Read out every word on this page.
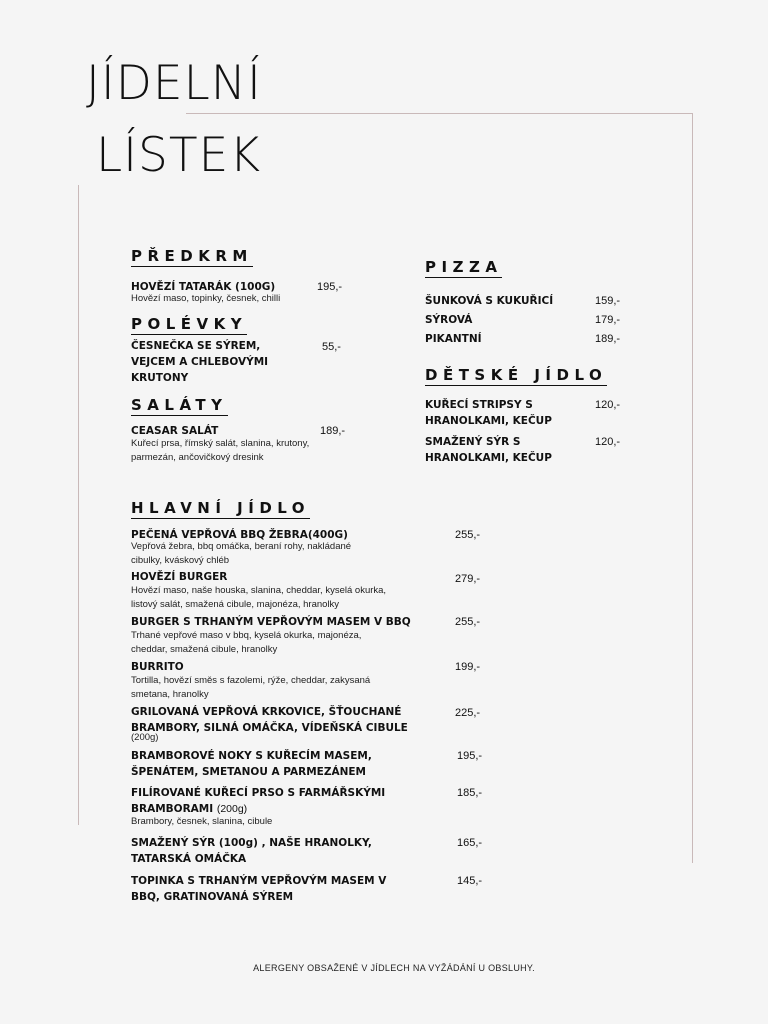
JÍDELNÍ
LÍSTEK
PŘEDKRM
HOVĚZÍ TATARÁK (100G)	195,-
Hovězí maso, topinky, česnek, chilli
POLÉVKY
ČESNEČKA SE SÝREM,
VEJCEM A CHLEBOVÝMI
KRUTONY
55,-
SALÁTY
CEASAR SALÁT	189,-
Kuřecí prsa, římský salát, slanina, krutony,
parmezán, ančovičkový dresink
PIZZA
ŠUNKOVÁ S KUKUŘICÍ	159,-
SÝROVÁ	179,-
PIKANTNÍ	189,-
DĚTSKÉ JÍDLO
KUŘECÍ STRIPSY S
HRANOLKAMI, KEČUP
120,-
SMAŽENÝ SÝR S
HRANOLKAMI, KEČUP
120,-
HLAVNÍ JÍDLO
PEČENÁ VEPŘOVÁ BBQ ŽEBRA(400G)	255,-
Vepřová žebra, bbq omáčka, beraní rohy, nakládané
cibulky, kváskový chléb
HOVĚZÍ BURGER	279,-
Hovězí maso, naše houska, slanina, cheddar, kyselá okurka,
listový salát, smažená cibule, majonéza, hranolky
BURGER S TRHANÝM VEPŘOVÝM MASEM V BBQ	255,-
Trhané vepřové maso v bbq, kyselá okurka, majonéza,
cheddar, smažená cibule, hranolky
BURRITO	199,-
Tortilla, hovězí směs s fazolemi, rýže, cheddar, zakysaná
smetana, hranolky
GRILOVANÁ VEPŘOVÁ KRKOVICE, ŠŤOUCHANÉ
BRAMBORY, SILNÁ OMÁČKA, VÍDEŇSKÁ CIBULE
(200g)
225,-
BRAMBOROVÉ NOKY S KUŘECÍM MASEM,
ŠPENÁTEM, SMETANOU A PARMEZÁNEM
195,-
FILÍROVANÉ KUŘECÍ PRSO S FARMÁŘSKÝMI
BRAMBORAMI (200g)
185,-
Brambory, česnek, slanina, cibule
SMAŽENÝ SÝR (100g) , NAŠE HRANOLKY,
TATARSKÁ OMÁČKA
165,-
TOPINKA S TRHANÝM VEPŘOVÝM MASEM V
BBQ, GRATINOVANÁ SÝREM
145,-
ALERGENY OBSAŽENÉ V JÍDLECH NA VYŽÁDÁNÍ U OBSLUHY.
